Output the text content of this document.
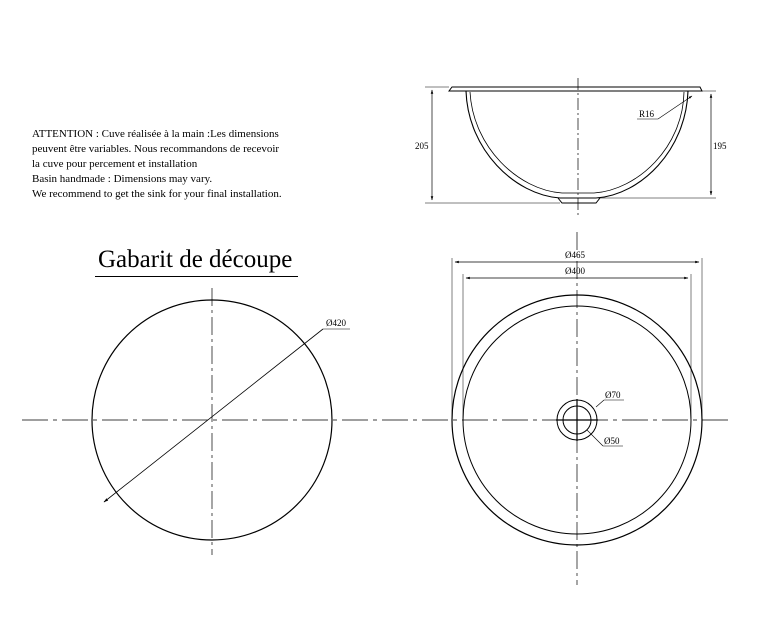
ATTENTION : Cuve réalisée à la main :Les dimensions
peuvent être variables. Nous recommandons de recevoir
la cuve pour percement et installation
Basin handmade : Dimensions may vary.
We recommend to get the sink for your final installation.
Gabarit de découpe
205	195
R16
Ø420
Ø465
Ø400
Ø70
Ø50
